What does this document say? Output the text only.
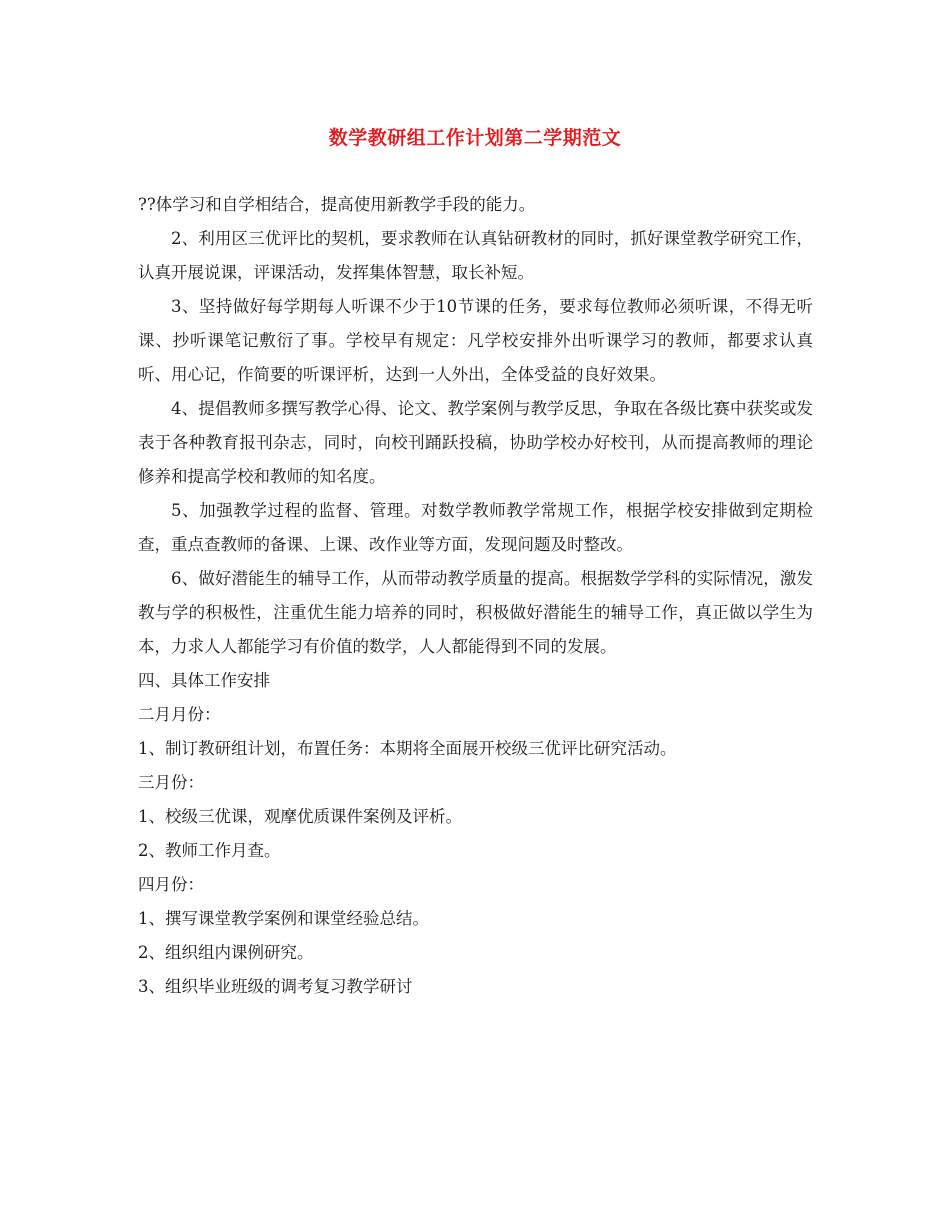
数学教研组工作计划第二学期范文

??体学习和自学相结合，提高使用新教学手段的能力。

2、利用区三优评比的契机，要求教师在认真钻研教材的同时，抓好课堂教学研究工作，认真开展说课，评课活动，发挥集体智慧，取长补短。

3、坚持做好每学期每人听课不少于10节课的任务，要求每位教师必须听课，不得无听课、抄听课笔记敷衍了事。学校早有规定：凡学校安排外出听课学习的教师，都要求认真听、用心记，作简要的听课评析，达到一人外出，全体受益的良好效果。

4、提倡教师多撰写教学心得、论文、教学案例与教学反思，争取在各级比赛中获奖或发表于各种教育报刊杂志，同时，向校刊踊跃投稿，协助学校办好校刊，从而提高教师的理论修养和提高学校和教师的知名度。

5、加强教学过程的监督、管理。对数学教师教学常规工作，根据学校安排做到定期检查，重点查教师的备课、上课、改作业等方面，发现问题及时整改。

6、做好潜能生的辅导工作，从而带动教学质量的提高。根据数学学科的实际情况，激发教与学的积极性，注重优生能力培养的同时，积极做好潜能生的辅导工作，真正做以学生为本，力求人人都能学习有价值的数学，人人都能得到不同的发展。

四、具体工作安排

二月月份：

1、制订教研组计划，布置任务：本期将全面展开校级三优评比研究活动。

三月份：

1、校级三优课，观摩优质课件案例及评析。

2、教师工作月查。

四月份：

1、撰写课堂教学案例和课堂经验总结。

2、组织组内课例研究。

3、组织毕业班级的调考复习教学研讨
